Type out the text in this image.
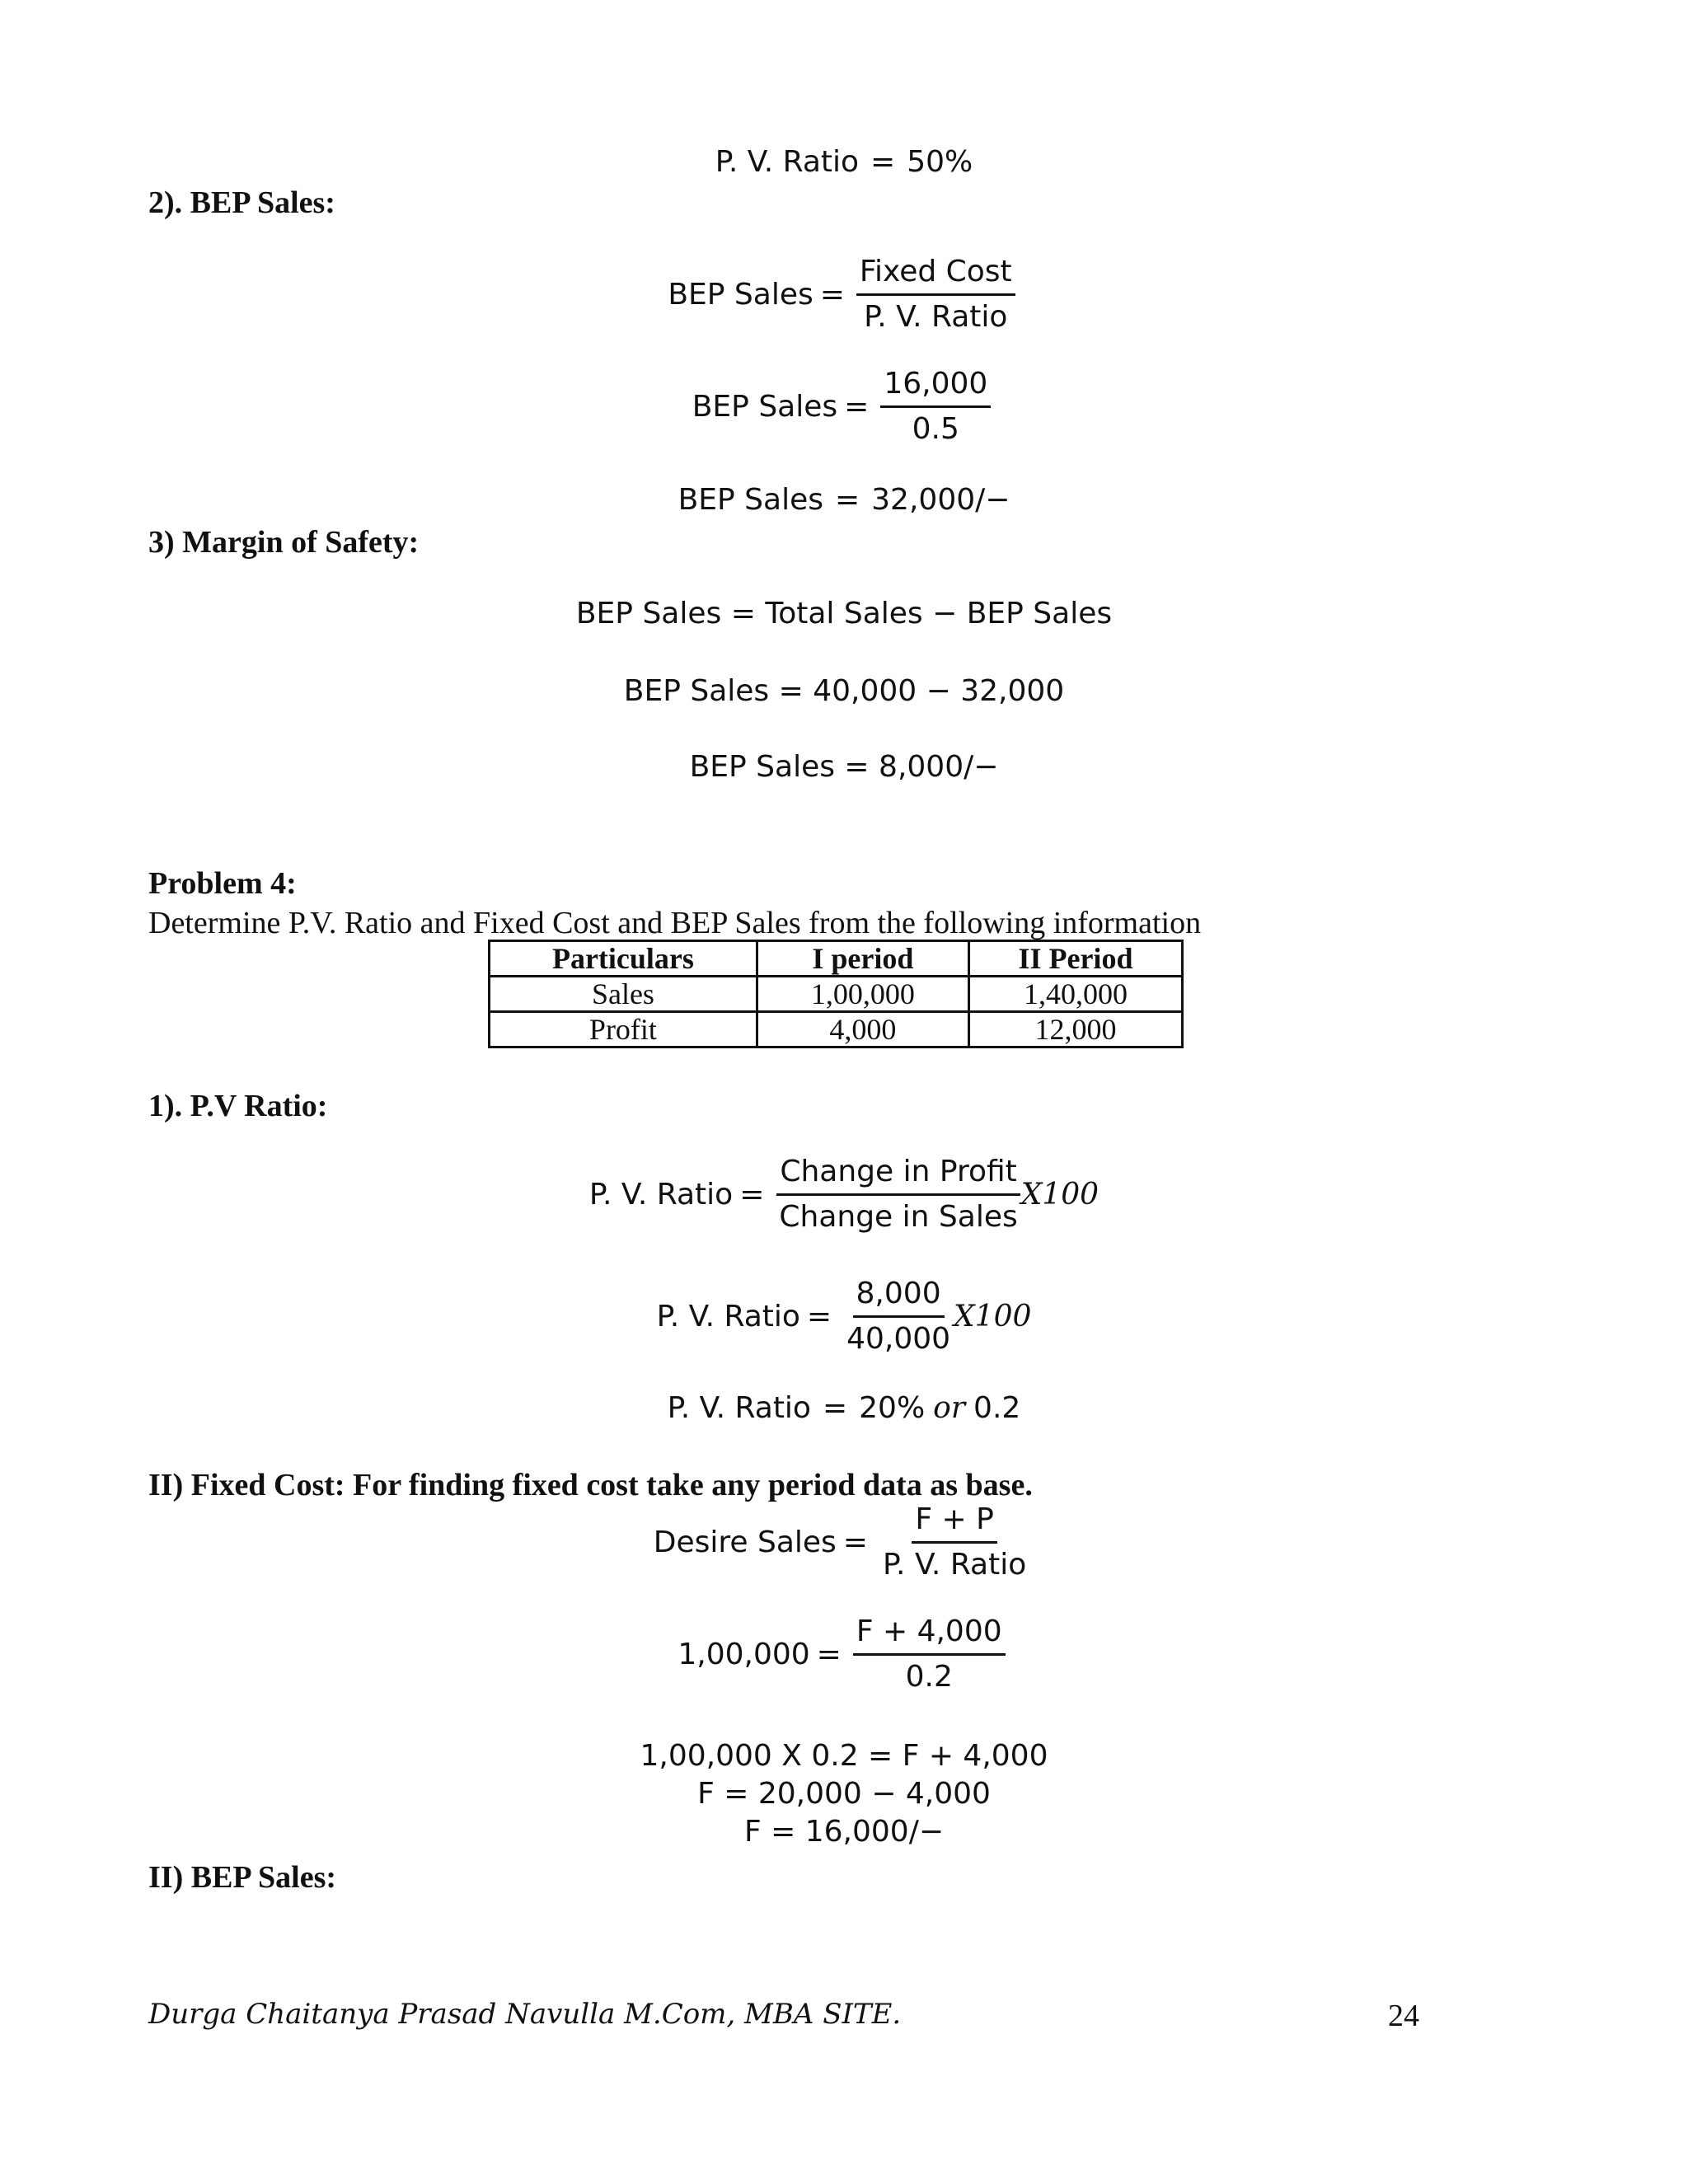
P. V. Ratio = 50%
2). BEP Sales:
BEP Sales = $\frac{\text{Fixed Cost}}{\text{P. V. Ratio}}$
BEP Sales = $\frac{16,000}{0.5}$
BEP Sales = 32,000/−
3) Margin of Safety:
BEP Sales = Total Sales − BEP Sales
BEP Sales = 40,000 − 32,000
BEP Sales = 8,000/−
Problem 4:
Determine P.V. Ratio and Fixed Cost and BEP Sales from the following information
Particulars	I period	II Period
Sales	1,00,000	1,40,000
Profit	4,000	12,000
1). P.V Ratio:
P. V. Ratio = $\frac{\text{Change in Profit}}{\text{Change in Sales}} X100$
P. V. Ratio = $\frac{8,000}{40,000} X100$
P. V. Ratio = 20% or 0.2
II) Fixed Cost: For finding fixed cost take any period data as base.
Desire Sales = $\frac{F + P}{\text{P. V. Ratio}}$
$1,00,000 = \frac{F + 4,000}{0.2}$
1,00,000 X 0.2 = F + 4,000
F = 20,000 − 4,000
F = 16,000/−
II) BEP Sales:
Durga Chaitanya Prasad Navulla M.Com, MBA SITE.	24
